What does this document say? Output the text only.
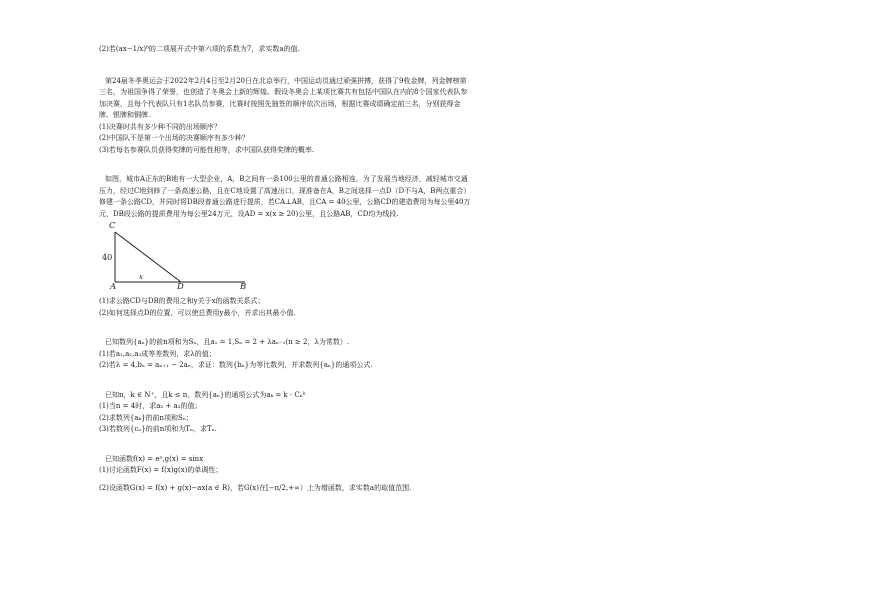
(2)若(ax−1/x)⁸的二项展开式中第六项的系数为7，求实数a的值.

第24届冬季奥运会于2022年2月4日至2月20日在北京举行，中国运动员通过顽强拼搏，获得了9枚金牌，列金牌榜第三名，为祖国争得了荣誉，也创造了冬奥会上新的辉煌。假设冬奥会上某项比赛共有包括中国队在内的8个国家代表队参加决赛，且每个代表队只有1名队员参赛，比赛时按照先抽签的顺序依次出场，根据比赛成绩确定前三名，分别获得金牌、银牌和铜牌.

(1)决赛时共有多少种不同的出场顺序？

(2)中国队不是第一个出场的决赛顺序有多少种？

(3)若每名参赛队员获得奖牌的可能性相等，求中国队获得奖牌的概率.

如图，城市A正东的B地有一大型企业，A，B之间有一条100公里的普通公路相连，为了发展当地经济，减轻城市交通压力，经过C地到修了一条高速公路，且在C地设置了高速出口，现准备在A，B之间选择一点D（D不与A，B两点重合）修建一条公路CD，并同时将DB段普通公路进行提质，若CA⊥AB，且CA = 40公里，公路CD的建造费用为每公里40万元，DB段公路的提质费用为每公里24万元，设AD = x(x ≥ 20)公里，且公路AB，CD均为线段.

C
40
A
x
D	B

(1)求公路CD与DB的费用之和y关于x的函数关系式；

(2)如何选择点D的位置，可以使总费用y最小，并求出其最小值.

已知数列{aₙ}的前n项和为Sₙ，且a₁ = 1,Sₙ = 2 + λaₙ₋₁(n ≥ 2，λ为常数）.

(1)若a₁,a₂,a₃成等差数列，求λ的值；

(2)若λ = 4,bₙ = aₙ₊₁ − 2aₙ，求证：数列{bₙ}为等比数列，并求数列{aₙ}的通项公式.

已知n，k ∈ N⁺，且k ≤ n，数列{aₙ}的通项公式为aₖ = k · Cₙᵏ

(1)当n = 4时，求a₂ + a₃的值；

(2)求数列{aₖ}的前n项和Sₙ；

(3)若数列{cₙ}的前n项和为Tₙ，求Tₙ.

已知函数f(x) = eˣ,g(x) = sinx

(1)讨论函数F(x) = f(x)g(x)的单调性；

(2)设函数G(x) = f(x) + g(x)−ax(a ∈ R)，若G(x)在[−π/2,+∞）上为增函数，求实数a的取值范围.
